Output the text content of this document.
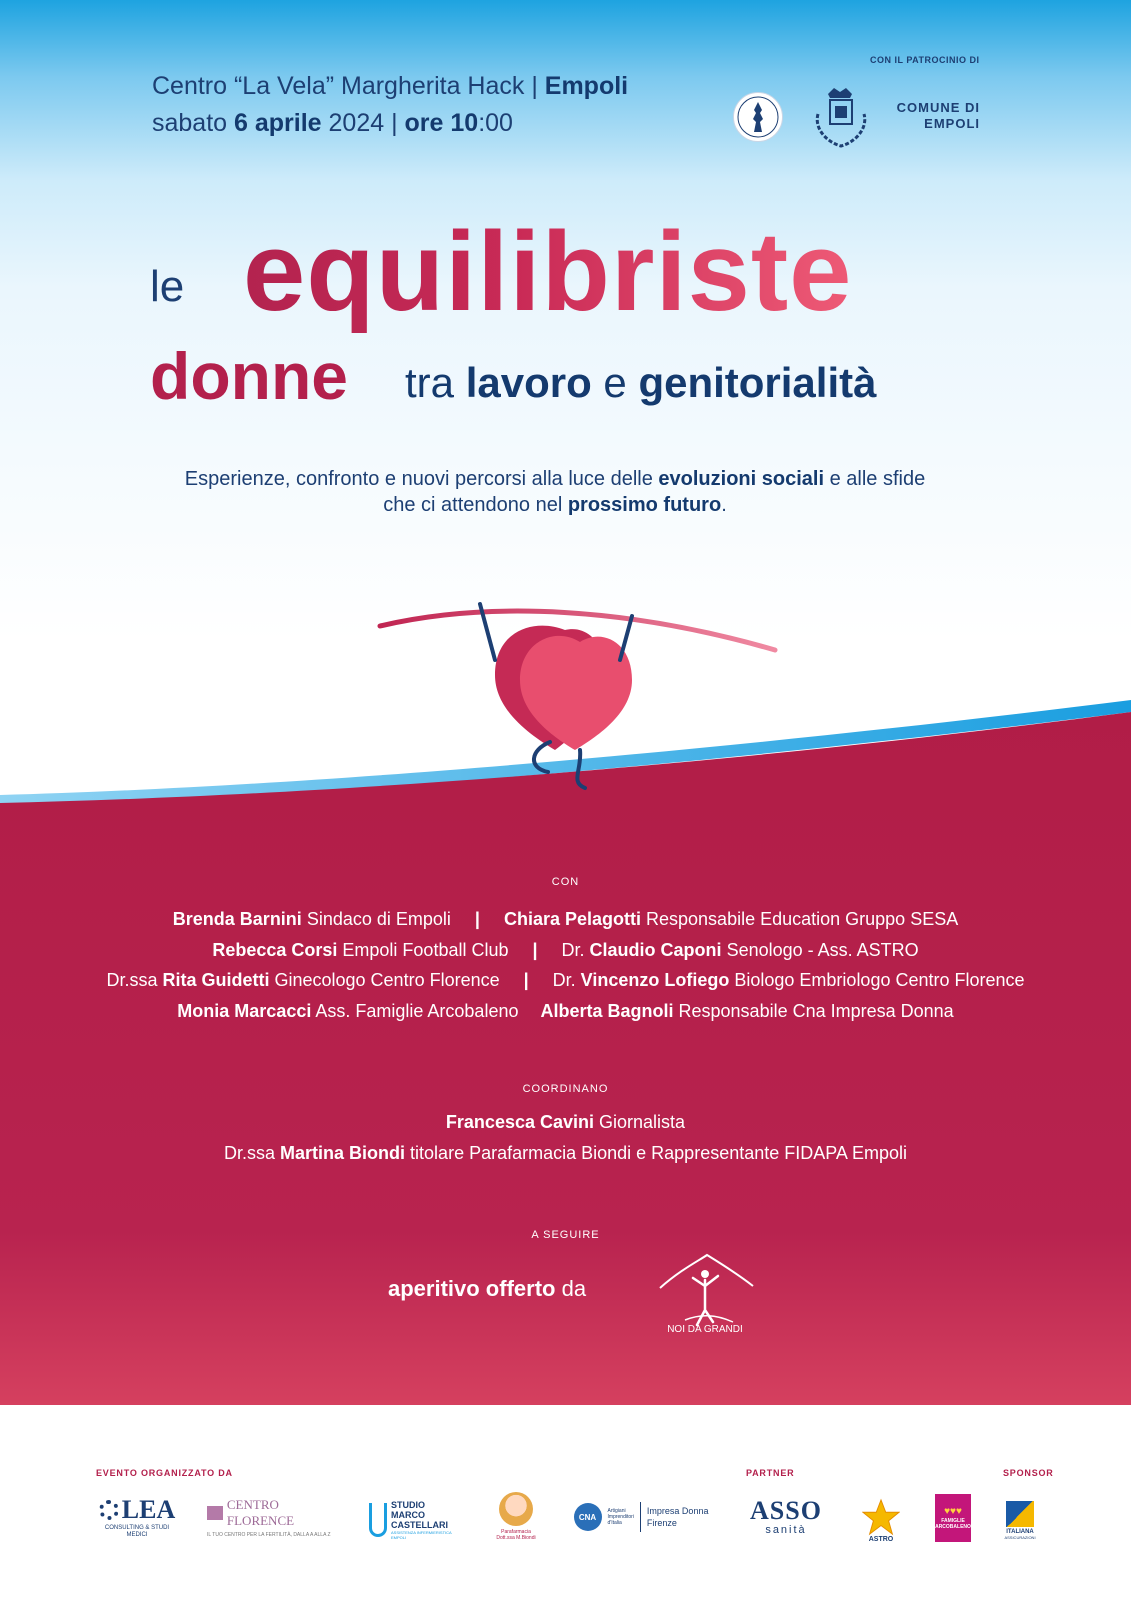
Centro “La Vela” Margherita Hack | Empoli
sabato 6 aprile 2024 | ore 10:00
CON IL PATROCINIO DI
COMUNE DI
EMPOLI
le equilibriste
donne tra lavoro e genitorialità
Esperienze, confronto e nuovi percorsi alla luce delle evoluzioni sociali e alle sfide che ci attendono nel prossimo futuro.
CON
Brenda Barnini Sindaco di Empoli | Chiara Pelagotti Responsabile Education Gruppo SESA
Rebecca Corsi Empoli Football Club | Dr. Claudio Caponi Senologo - Ass. ASTRO
Dr.ssa Rita Guidetti Ginecologo Centro Florence | Dr. Vincenzo Lofiego Biologo Embriologo Centro Florence
Monia Marcacci Ass. Famiglie Arcobaleno Alberta Bagnoli Responsabile Cna Impresa Donna
COORDINANO
Francesca Cavini Giornalista
Dr.ssa Martina Biondi titolare Parafarmacia Biondi e Rappresentante FIDAPA Empoli
A SEGUIRE
aperitivo offerto da
NOI DA GRANDI
EVENTO ORGANIZZATO DA	PARTNER	SPONSOR
LEA
CONSULTING & STUDI MEDICI
CENTRO FLORENCE
IL TUO CENTRO PER LA FERTILITÀ, DALLA A ALLA Z
STUDIO
MARCO
CASTELLARI
ASSISTENZA INFERMIERISTICA EMPOLI
Parafarmacia
Dott.ssa M.Biondi
CNA
Artigiani
Imprenditori
d'Italia
Impresa Donna
Firenze	ASSO
sanità
ASTRO
♥♥♥
FAMIGLIE
ARCOBALENO
ITALIANA
ASSICURAZIONI
